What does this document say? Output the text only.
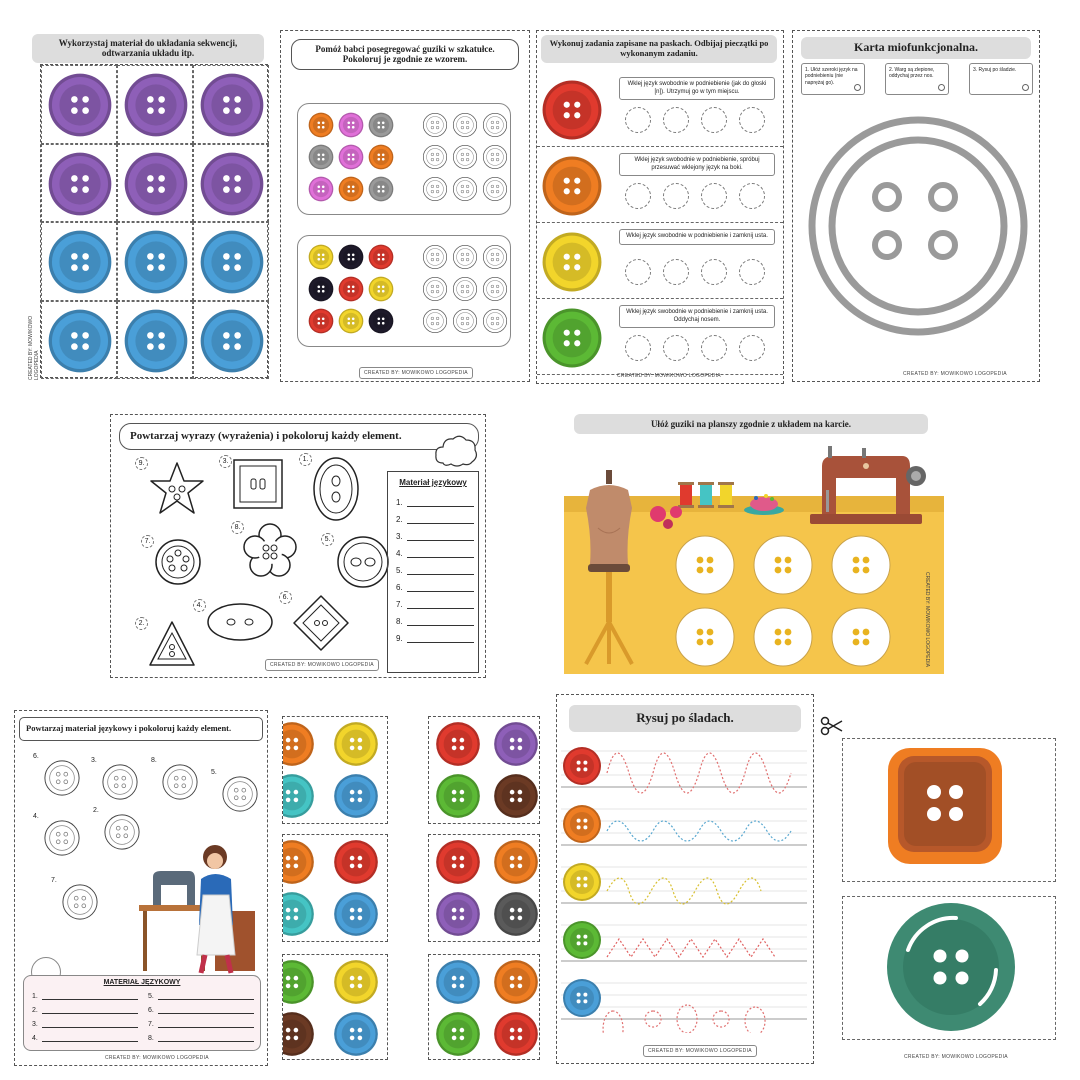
Wykorzystaj materiał do układania sekwencji, odtwarzania układu itp.
CREATED BY: MOWIKOWO LOGOPEDIA
Pomóż babci posegregować guziki w szkatułce. Pokoloruj je zgodnie ze wzorem.
CREATED BY: MOWIKOWO LOGOPEDIA
Wykonuj zadania zapisane na paskach. Odbijaj pieczątki po wykonanym zadaniu.
Wklej język swobodnie w podniebienie (jak do głoski [n]). Utrzymuj go w tym miejscu.
Wklej język swobodnie w podniebienie, spróbuj przesuwać wklejony język na boki.
Wklej język swobodnie w podniebienie i zamknij usta.
Wklej język swobodnie w podniebienie i zamknij usta. Oddychaj nosem.
CREATED BY: MOWIKOWO LOGOPEDIA
Karta miofunkcjonalna.
1. Ułóż szeroki język na podniebieniu (nie naprężaj go).
2. Warg są zlepione, oddychaj przez nos.
3. Rysuj po śladzie.
CREATED BY: MOWIKOWO LOGOPEDIA
Powtarzaj wyrazy (wyrażenia) i pokoloruj każdy element.
9.	3.	1.
7.
8.
5.
2.
4.
6.
Materiał językowy
1.
2.
3.
4.
5.
6.
7.
8.
9.
CREATED BY: MOWIKOWO LOGOPEDIA
Ułóż guziki na planszy zgodnie z układem na karcie.
CREATED BY: MOWIKOWO LOGOPEDIA
Powtarzaj materiał językowy i pokoloruj każdy element.
MATERIAŁ JĘZYKOWY
1.
2.
3.
4.
5.
6.
7.
8.
CREATED BY: MOWIKOWO LOGOPEDIA
6.
3.	8.
5.
4.
2.
7.
Rysuj po śladach.
CREATED BY: MOWIKOWO LOGOPEDIA
CREATED BY: MOWIKOWO LOGOPEDIA
